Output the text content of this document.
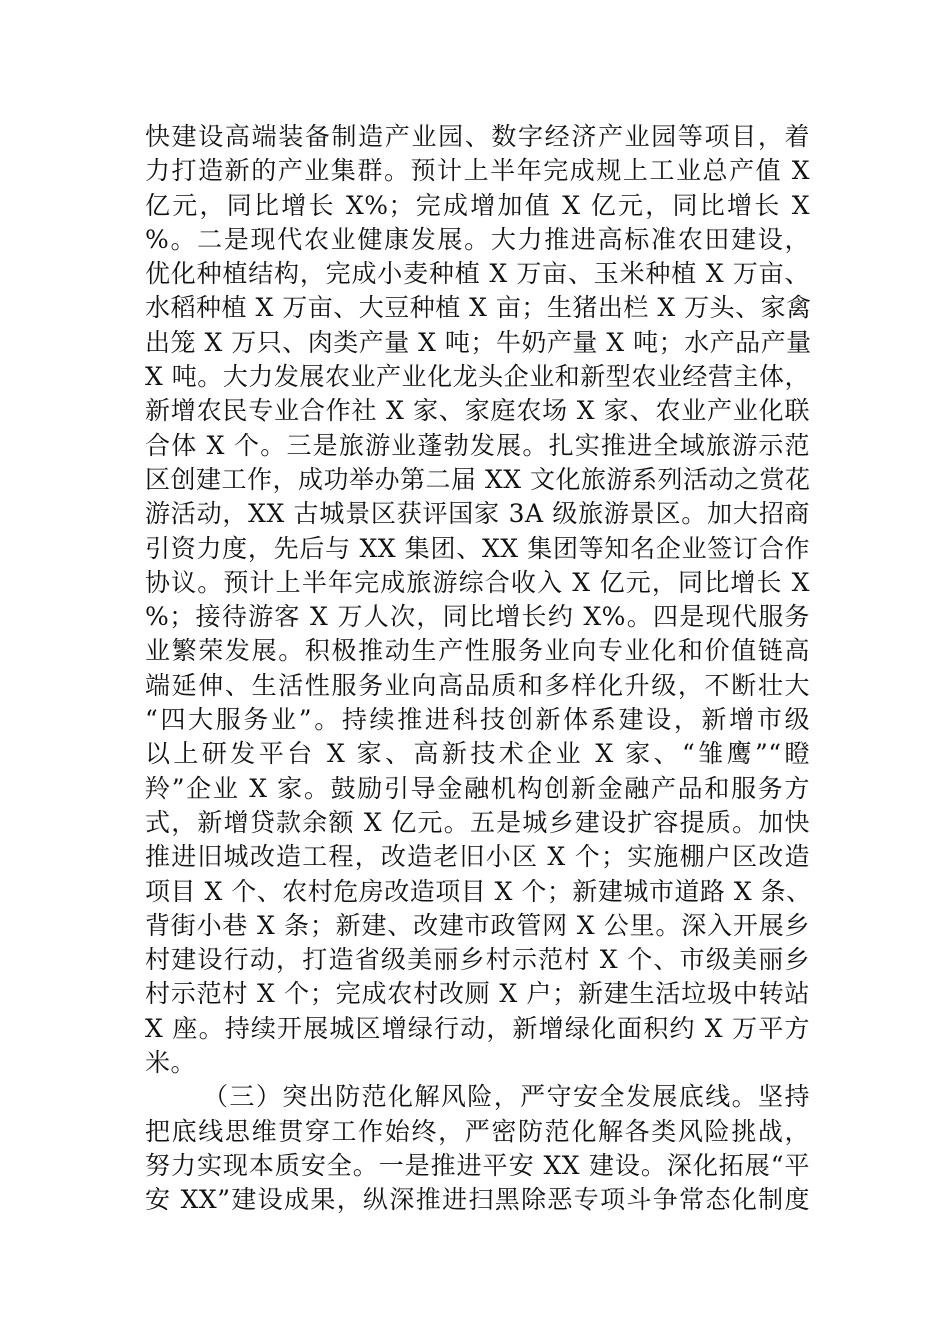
快建设高端装备制造产业园、数字经济产业园等项目，着
力打造新的产业集群。预计上半年完成规上工业总产值 X
亿元，同比增长 X%；完成增加值 X 亿元，同比增长 X
%。二是现代农业健康发展。大力推进高标准农田建设，
优化种植结构，完成小麦种植 X 万亩、玉米种植 X 万亩、
水稻种植 X 万亩、大豆种植 X 亩；生猪出栏 X 万头、家禽
出笼 X 万只、肉类产量 X 吨；牛奶产量 X 吨；水产品产量
X 吨。大力发展农业产业化龙头企业和新型农业经营主体，
新增农民专业合作社 X 家、家庭农场 X 家、农业产业化联
合体 X 个。三是旅游业蓬勃发展。扎实推进全域旅游示范
区创建工作，成功举办第二届 XX 文化旅游系列活动之赏花
游活动，XX 古城景区获评国家 3A 级旅游景区。加大招商
引资力度，先后与 XX 集团、XX 集团等知名企业签订合作
协议。预计上半年完成旅游综合收入 X 亿元，同比增长 X
%；接待游客 X 万人次，同比增长约 X%。四是现代服务
业繁荣发展。积极推动生产性服务业向专业化和价值链高
端延伸、生活性服务业向高品质和多样化升级，不断壮大
“四大服务业”。持续推进科技创新体系建设，新增市级
以上研发平台 X 家、高新技术企业 X 家、“雏鹰”“瞪
羚”企业 X 家。鼓励引导金融机构创新金融产品和服务方
式，新增贷款余额 X 亿元。五是城乡建设扩容提质。加快
推进旧城改造工程，改造老旧小区 X 个；实施棚户区改造
项目 X 个、农村危房改造项目 X 个；新建城市道路 X 条、
背街小巷 X 条；新建、改建市政管网 X 公里。深入开展乡
村建设行动，打造省级美丽乡村示范村 X 个、市级美丽乡
村示范村 X 个；完成农村改厕 X 户；新建生活垃圾中转站
X 座。持续开展城区增绿行动，新增绿化面积约 X 万平方
米。
（三）突出防范化解风险，严守安全发展底线。坚持
把底线思维贯穿工作始终，严密防范化解各类风险挑战，
努力实现本质安全。一是推进平安 XX 建设。深化拓展“平
安 XX”建设成果，纵深推进扫黑除恶专项斗争常态化制度
